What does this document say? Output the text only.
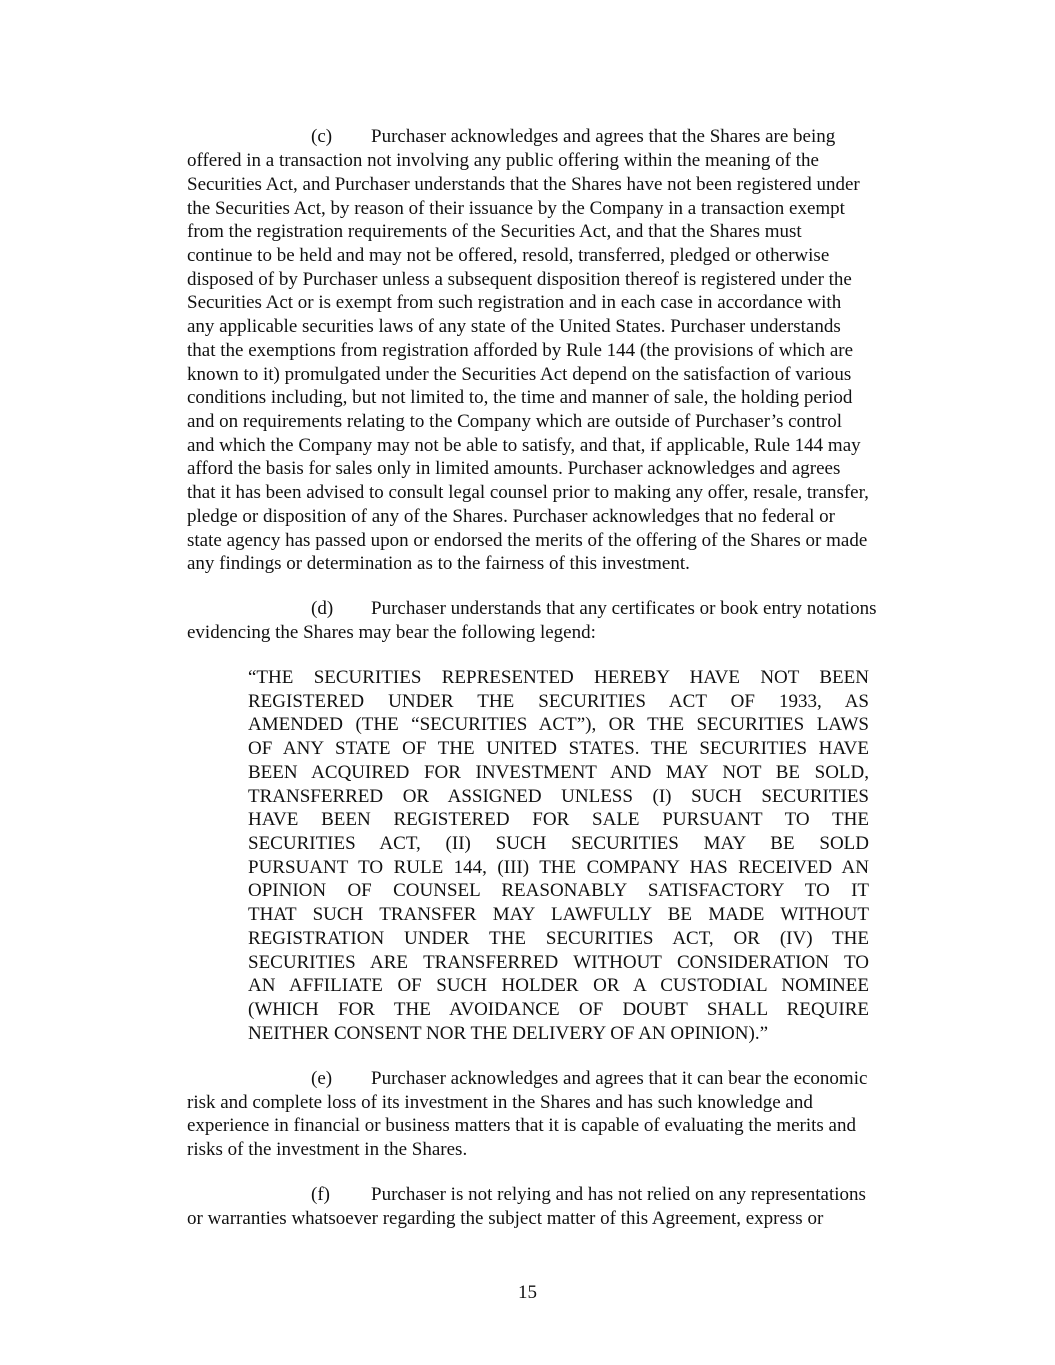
(c) Purchaser acknowledges and agrees that the Shares are being
offered in a transaction not involving any public offering within the meaning of the
Securities Act, and Purchaser understands that the Shares have not been registered under
the Securities Act, by reason of their issuance by the Company in a transaction exempt
from the registration requirements of the Securities Act, and that the Shares must
continue to be held and may not be offered, resold, transferred, pledged or otherwise
disposed of by Purchaser unless a subsequent disposition thereof is registered under the
Securities Act or is exempt from such registration and in each case in accordance with
any applicable securities laws of any state of the United States. Purchaser understands
that the exemptions from registration afforded by Rule 144 (the provisions of which are
known to it) promulgated under the Securities Act depend on the satisfaction of various
conditions including, but not limited to, the time and manner of sale, the holding period
and on requirements relating to the Company which are outside of Purchaser’s control
and which the Company may not be able to satisfy, and that, if applicable, Rule 144 may
afford the basis for sales only in limited amounts. Purchaser acknowledges and agrees
that it has been advised to consult legal counsel prior to making any offer, resale, transfer,
pledge or disposition of any of the Shares. Purchaser acknowledges that no federal or
state agency has passed upon or endorsed the merits of the offering of the Shares or made
any findings or determination as to the fairness of this investment.
(d) Purchaser understands that any certificates or book entry notations
evidencing the Shares may bear the following legend:
“THE SECURITIES REPRESENTED HEREBY HAVE NOT BEEN
REGISTERED UNDER THE SECURITIES ACT OF 1933, AS
AMENDED (THE “SECURITIES ACT”), OR THE SECURITIES LAWS
OF ANY STATE OF THE UNITED STATES. THE SECURITIES HAVE
BEEN ACQUIRED FOR INVESTMENT AND MAY NOT BE SOLD,
TRANSFERRED OR ASSIGNED UNLESS (I) SUCH SECURITIES
HAVE BEEN REGISTERED FOR SALE PURSUANT TO THE
SECURITIES ACT, (II) SUCH SECURITIES MAY BE SOLD
PURSUANT TO RULE 144, (III) THE COMPANY HAS RECEIVED AN
OPINION OF COUNSEL REASONABLY SATISFACTORY TO IT
THAT SUCH TRANSFER MAY LAWFULLY BE MADE WITHOUT
REGISTRATION UNDER THE SECURITIES ACT, OR (IV) THE
SECURITIES ARE TRANSFERRED WITHOUT CONSIDERATION TO
AN AFFILIATE OF SUCH HOLDER OR A CUSTODIAL NOMINEE
(WHICH FOR THE AVOIDANCE OF DOUBT SHALL REQUIRE
NEITHER CONSENT NOR THE DELIVERY OF AN OPINION).”
(e) Purchaser acknowledges and agrees that it can bear the economic
risk and complete loss of its investment in the Shares and has such knowledge and
experience in financial or business matters that it is capable of evaluating the merits and
risks of the investment in the Shares.
(f) Purchaser is not relying and has not relied on any representations
or warranties whatsoever regarding the subject matter of this Agreement, express or
15
